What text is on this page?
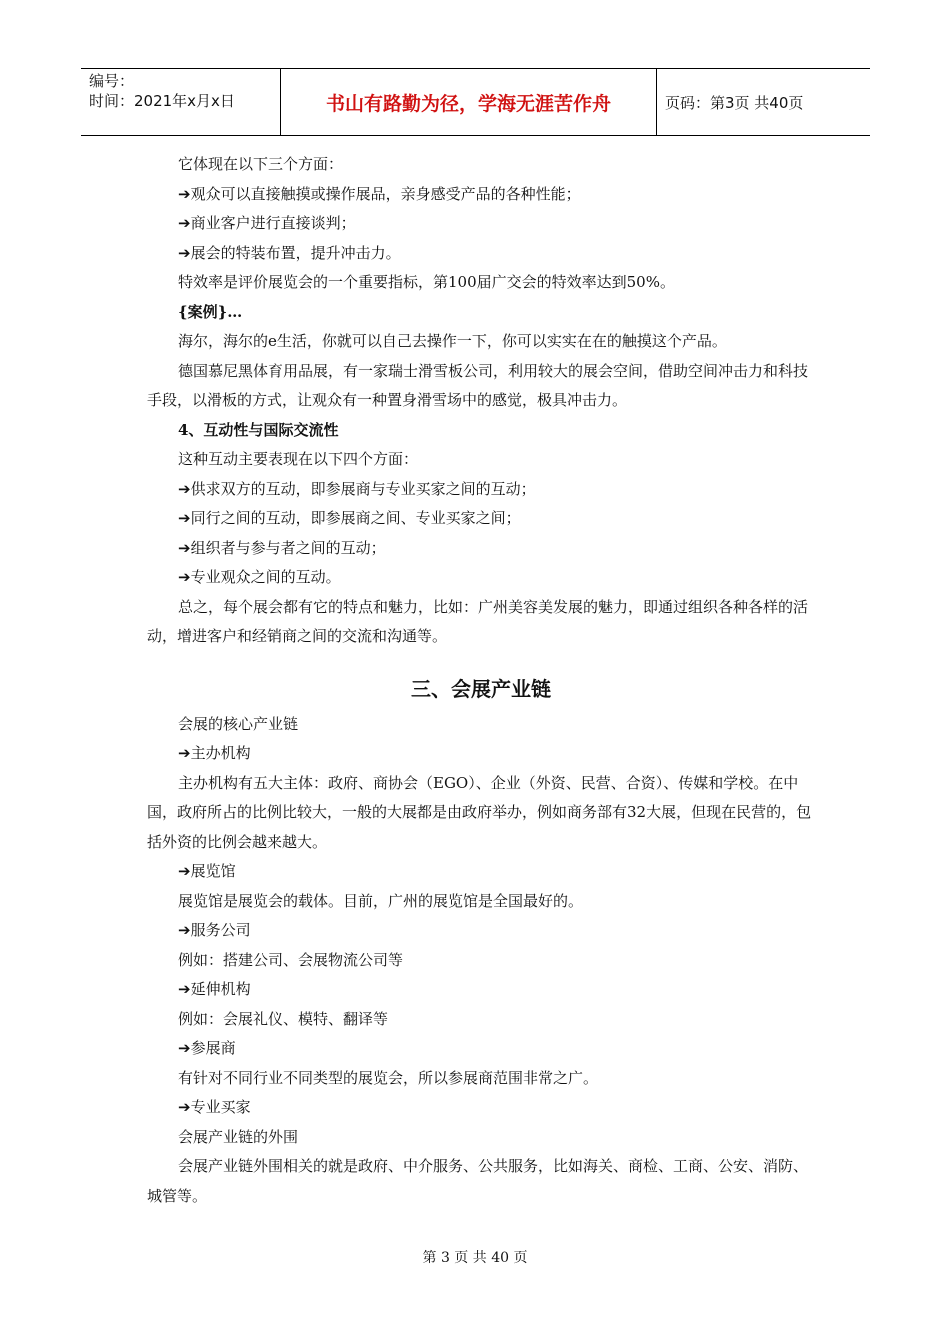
编号：
时间：2021年x月x日	书山有路勤为径，学海无涯苦作舟	页码：第3页 共40页

它体现在以下三个方面：

➔观众可以直接触摸或操作展品，亲身感受产品的各种性能；

➔商业客户进行直接谈判；

➔展会的特装布置，提升冲击力。

特效率是评价展览会的一个重要指标，第100届广交会的特效率达到50%。

{案例}…

海尔，海尔的e生活，你就可以自己去操作一下，你可以实实在在的触摸这个产品。

德国慕尼黑体育用品展，有一家瑞士滑雪板公司，利用较大的展会空间，借助空间冲击力和科技手段，以滑板的方式，让观众有一种置身滑雪场中的感觉，极具冲击力。

4、互动性与国际交流性

这种互动主要表现在以下四个方面：

➔供求双方的互动，即参展商与专业买家之间的互动；

➔同行之间的互动，即参展商之间、专业买家之间；

➔组织者与参与者之间的互动；

➔专业观众之间的互动。

总之，每个展会都有它的特点和魅力，比如：广州美容美发展的魅力，即通过组织各种各样的活动，增进客户和经销商之间的交流和沟通等。

三、会展产业链

会展的核心产业链

➔主办机构

主办机构有五大主体：政府、商协会（EGO）、企业（外资、民营、合资）、传媒和学校。在中国，政府所占的比例比较大，一般的大展都是由政府举办，例如商务部有32大展，但现在民营的，包括外资的比例会越来越大。

➔展览馆

展览馆是展览会的载体。目前，广州的展览馆是全国最好的。

➔服务公司

例如：搭建公司、会展物流公司等

➔延伸机构

例如：会展礼仪、模特、翻译等

➔参展商

有针对不同行业不同类型的展览会，所以参展商范围非常之广。

➔专业买家

会展产业链的外围

会展产业链外围相关的就是政府、中介服务、公共服务，比如海关、商检、工商、公安、消防、城管等。

第 3 页 共 40 页
